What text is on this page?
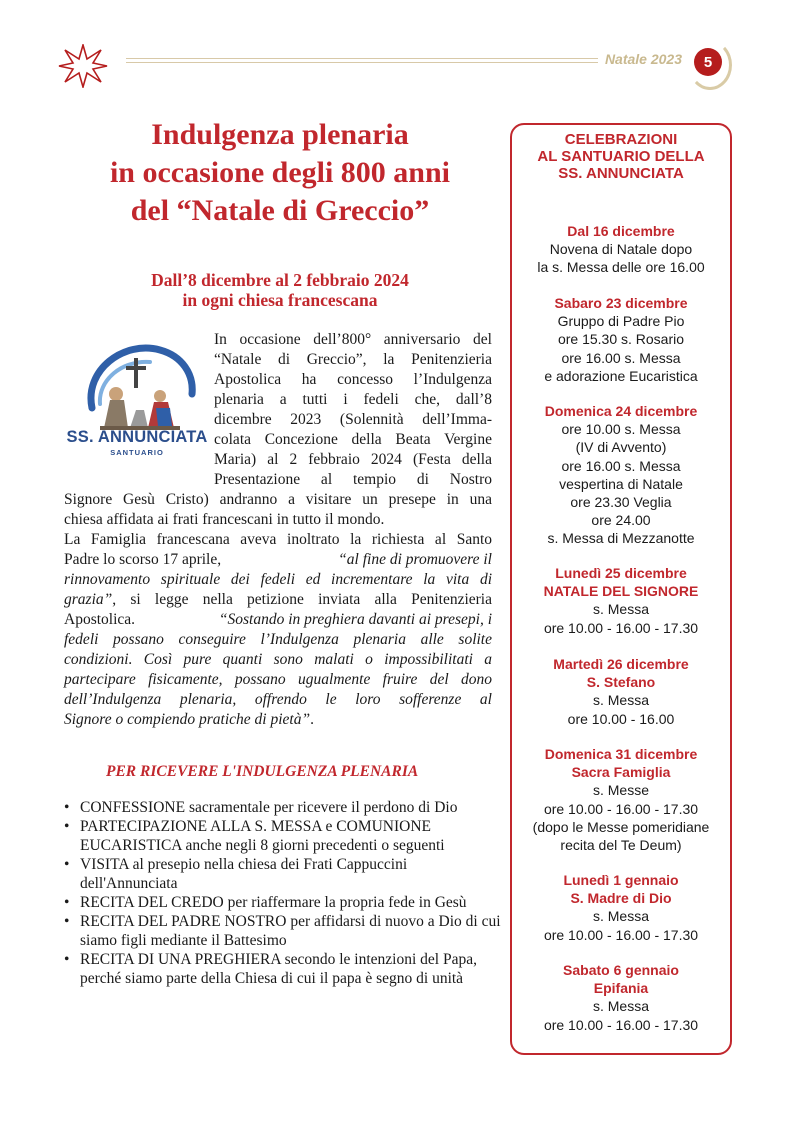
Natale 2023	5
Indulgenza plenaria
in occasione degli 800 anni
del “Natale di Greccio”
Dall’8 dicembre al 2 febbraio 2024
in ogni chiesa francescana
SS. ANNUNCIATA
SANTUARIO
In occasione dell’800° anniversario del
“Natale di Greccio”, la Penitenzieria
Apostolica ha concesso l’Indulgenza
plenaria a tutti i fedeli che, dall’8
dicembre 2023 (Solennità dell’Imma-
colata Concezione della Beata Vergine
Maria) al 2 febbraio 2024 (Festa della
Presentazione al tempio di Nostro
Signore Gesù Cristo) andranno a visitare un presepe in una
chiesa affidata ai frati francescani in tutto il mondo.
La Famiglia francescana aveva inoltrato la richiesta al Santo
Padre lo scorso 17 aprile,	“al fine di promuovere il
rinnovamento spirituale dei fedeli ed incrementare la vita di
grazia” , si legge nella petizione inviata alla Penitenzieria
Apostolica.	“Sostando in preghiera davanti ai presepi, i
fedeli possano conseguire l’Indulgenza plenaria alle solite
condizioni. Così pure quanti sono malati o impossibilitati a
partecipare fisicamente, possano ugualmente fruire del dono
dell’Indulgenza plenaria, offrendo le loro sofferenze al
Signore o compiendo pratiche di pietà”.
PER RICEVERE L'INDULGENZA PLENARIA
• CONFESSIONE sacramentale per ricevere il perdono di Dio
• PARTECIPAZIONE ALLA S. MESSA e COMUNIONE EUCARISTICA anche negli 8 giorni precedenti o seguenti
• VISITA al presepio nella chiesa dei Frati Cappuccini dell'Annunciata
• RECITA DEL CREDO per riaffermare la propria fede in Gesù
• RECITA DEL PADRE NOSTRO per affidarsi di nuovo a Dio di cui siamo figli mediante il Battesimo
• RECITA DI UNA PREGHIERA secondo le intenzioni del Papa, perché siamo parte della Chiesa di cui il papa è segno di unità
CELEBRAZIONI
AL SANTUARIO DELLA
SS. ANNUNCIATA
Dal 16 dicembre
Novena di Natale dopo
la s. Messa delle ore 16.00
Sabaro 23 dicembre
Gruppo di Padre Pio
ore 15.30 s. Rosario
ore 16.00 s. Messa
e adorazione Eucaristica
Domenica 24 dicembre
ore 10.00 s. Messa
(IV di Avvento)
ore 16.00 s. Messa
vespertina di Natale
ore 23.30 Veglia
ore 24.00
s. Messa di Mezzanotte
Lunedì 25 dicembre
NATALE DEL SIGNORE
s. Messa
ore 10.00 - 16.00 - 17.30
Martedì 26 dicembre
S. Stefano
s. Messa
ore 10.00 - 16.00
Domenica 31 dicembre
Sacra Famiglia
s. Messe
ore 10.00 - 16.00 - 17.30
(dopo le Messe pomeridiane
recita del Te Deum)
Lunedì 1 gennaio
S. Madre di Dio
s. Messa
ore 10.00 - 16.00 - 17.30
Sabato 6 gennaio
Epifania
s. Messa
ore 10.00 - 16.00 - 17.30
